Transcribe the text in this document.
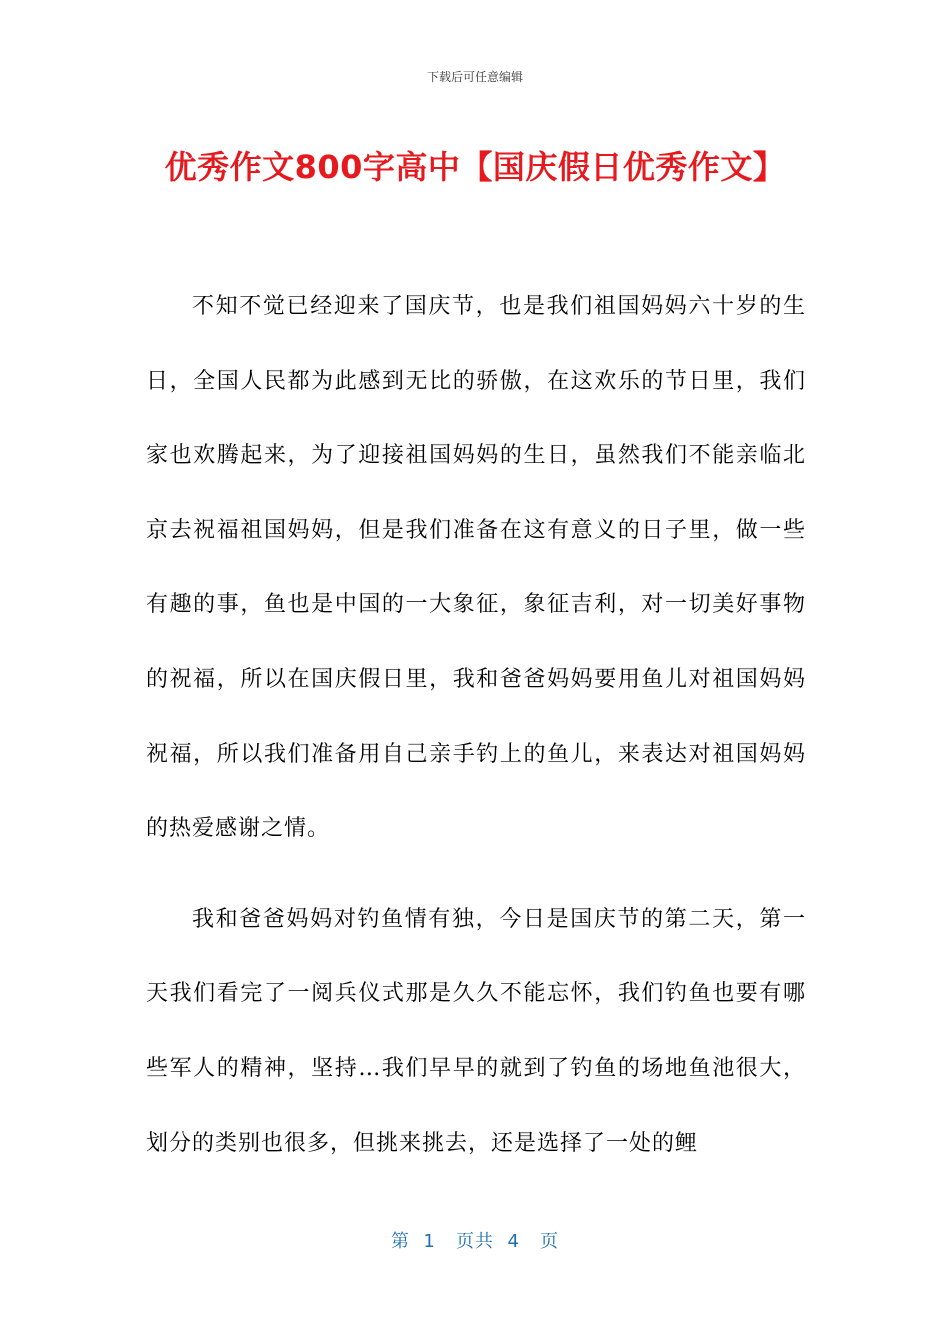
下载后可任意编辑
优秀作文800字高中【国庆假日优秀作文】

不知不觉已经迎来了国庆节，也是我们祖国妈妈六十岁的生日，全国人民都为此感到无比的骄傲，在这欢乐的节日里，我们家也欢腾起来，为了迎接祖国妈妈的生日，虽然我们不能亲临北京去祝福祖国妈妈，但是我们准备在这有意义的日子里，做一些有趣的事，鱼也是中国的一大象征，象征吉利，对一切美好事物的祝福，所以在国庆假日里，我和爸爸妈妈要用鱼儿对祖国妈妈祝福，所以我们准备用自己亲手钓上的鱼儿，来表达对祖国妈妈的热爱感谢之情。

我和爸爸妈妈对钓鱼情有独，今日是国庆节的第二天，第一天我们看完了一阅兵仪式那是久久不能忘怀，我们钓鱼也要有哪些军人的精神，坚持…我们早早的就到了钓鱼的场地鱼池很大，划分的类别也很多，但挑来挑去，还是选择了一处的鲤

第  1   页共  4   页
